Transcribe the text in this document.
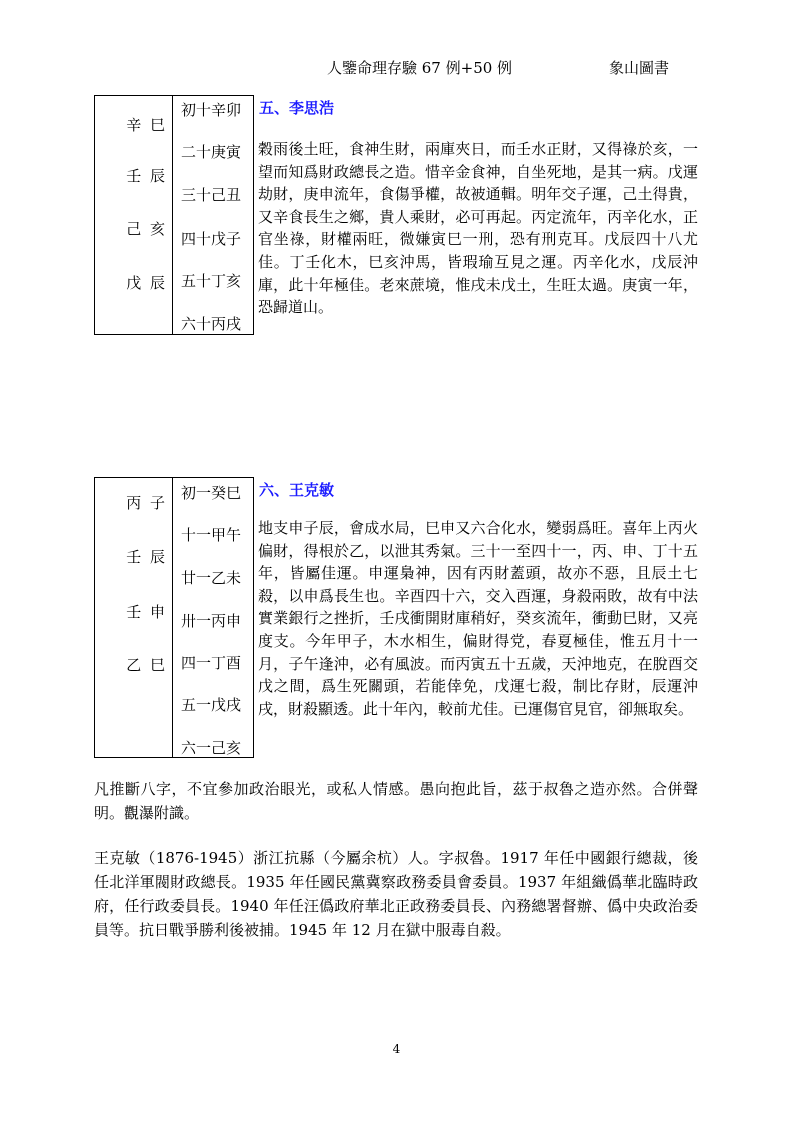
人鑒命理存驗 67 例+50 例	象山圖書
辛 巳
壬 辰
己 亥
戊 辰
初十辛卯
二十庚寅
三十己丑
四十戊子
五十丁亥
六十丙戌
五、李思浩
穀雨後土旺，食神生財，兩庫夾日，而壬水正財，又得祿於亥，一望而知爲財政總長之造。惜辛金食神，自坐死地，是其一病。戊運劫財，庚申流年，食傷爭權，故被通輯。明年交子運，己土得貴，又辛食長生之鄉，貴人乘財，必可再起。丙定流年，丙辛化水，正官坐祿，財權兩旺，微嫌寅巳一刑，恐有刑克耳。戊辰四十八尤佳。丁壬化木，巳亥沖馬，皆瑕瑜互見之運。丙辛化水，戊辰沖庫，此十年極佳。老來蔗境，惟戌未戊土，生旺太過。庚寅一年，恐歸道山。
丙 子
壬 辰
壬 申
乙 巳
初一癸巳
十一甲午
廿一乙未
卅一丙申
四一丁酉
五一戊戌
六一己亥
六、王克敏
地支申子辰，會成水局，巳申又六合化水，變弱爲旺。喜年上丙火偏財，得根於乙，以泄其秀氣。三十一至四十一，丙、申、丁十五年，皆屬佳運。申運梟神，因有丙財蓋頭，故亦不惡，且辰土七殺，以申爲長生也。辛酉四十六，交入酉運，身殺兩敗，故有中法實業銀行之挫折，壬戌衝開財庫稍好，癸亥流年，衝動巳財，又亮度支。今年甲子，木水相生，偏財得党，春夏極佳，惟五月十一月，子午逢沖，必有風波。而丙寅五十五歲，天沖地克，在脫酉交戊之間，爲生死關頭，若能倖免，戊運七殺，制比存財，辰運沖戌，財殺顯透。此十年內，較前尤佳。已運傷官見官，卻無取矣。
凡推斷八字，不宜參加政治眼光，或私人情感。愚向抱此旨，茲于叔魯之造亦然。合併聲明。觀瀑附識。
王克敏（1876-1945）浙江抗縣（今屬余杭）人。字叔魯。1917 年任中國銀行總裁，後任北洋軍閥財政總長。1935 年任國民黨冀察政務委員會委員。1937 年組織僞華北臨時政府，任行政委員長。1940 年任汪僞政府華北正政務委員長、內務總署督辦、僞中央政治委員等。抗日戰爭勝利後被捕。1945 年 12 月在獄中服毒自殺。
4
